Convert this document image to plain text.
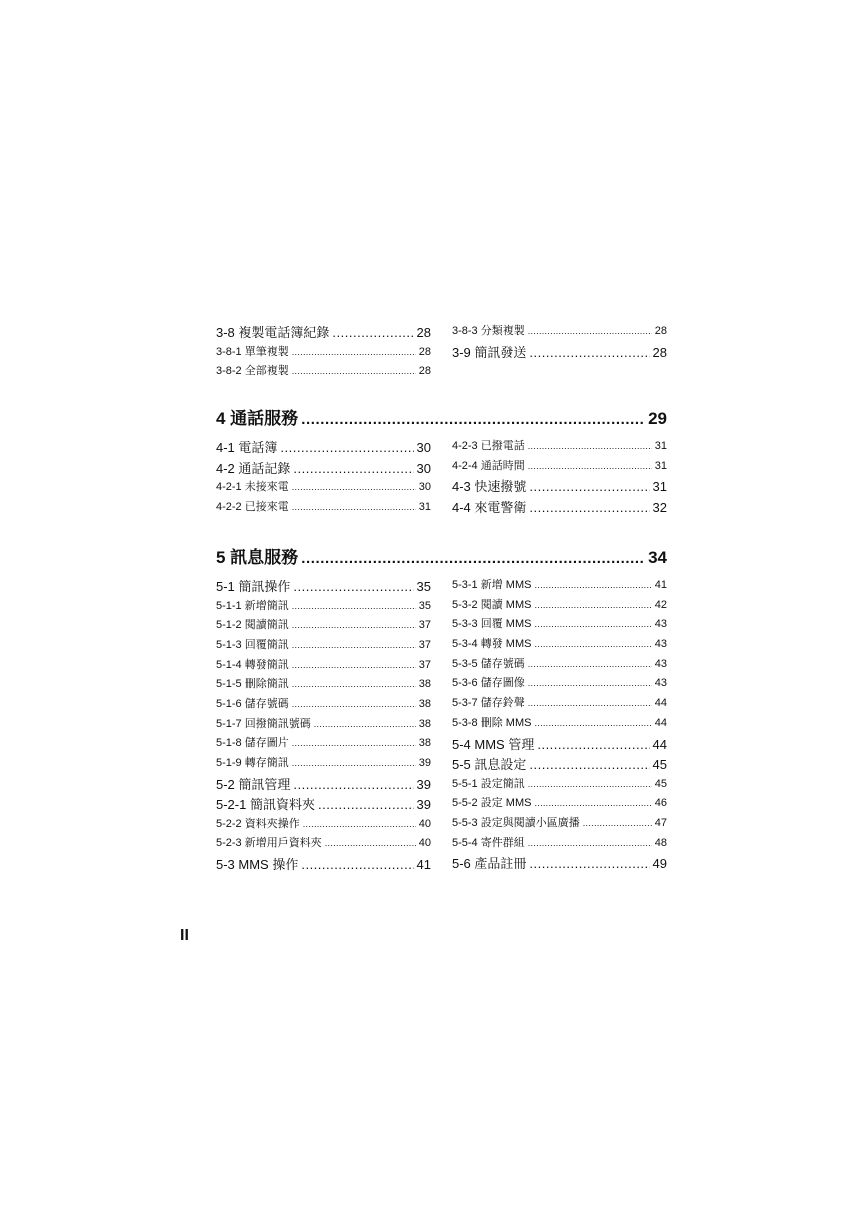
3-8 複製電話簿紀錄 .....	28
3-8-1 單筆複製 .....	28
3-8-2 全部複製 .....	28
3-8-3 分類複製 .....	28
3-9 簡訊發送 .....	28
4 通話服務 .....	29
4-1 電話簿 .....	30
4-2 通話記錄 .....	30
4-2-1 未接來電 .....	30
4-2-2 已接來電 .....	31
4-2-3 已撥電話 .....	31
4-2-4 通話時間 .....	31
4-3 快速撥號 .....	31
4-4 來電警衛 .....	32
5 訊息服務 .....	34
5-1 簡訊操作 .....	35
5-1-1 新增簡訊 .....	35
5-1-2 閱讀簡訊 .....	37
5-1-3 回覆簡訊 .....	37
5-1-4 轉發簡訊 .....	37
5-1-5 刪除簡訊 .....	38
5-1-6 儲存號碼 .....	38
5-1-7 回撥簡訊號碼 .....	38
5-1-8 儲存圖片 .....	38
5-1-9 轉存簡訊 .....	39
5-2 簡訊管理 .....	39
5-2-1 簡訊資料夾 .....	39
5-2-2 資料夾操作 .....	40
5-2-3 新增用戶資料夾 .....	40
5-3 MMS 操作 .....	41
5-3-1 新增 MMS .....	41
5-3-2 閱讀 MMS .....	42
5-3-3 回覆 MMS .....	43
5-3-4 轉發 MMS .....	43
5-3-5 儲存號碼 .....	43
5-3-6 儲存圖像 .....	43
5-3-7 儲存鈴聲 .....	44
5-3-8 刪除 MMS .....	44
5-4 MMS 管理 .....	44
5-5 訊息設定 .....	45
5-5-1 設定簡訊 .....	45
5-5-2 設定 MMS .....	46
5-5-3 設定與閱讀小區廣播 .....	47
5-5-4 寄件群組 .....	48
5-6 產品註冊 .....	49
II
